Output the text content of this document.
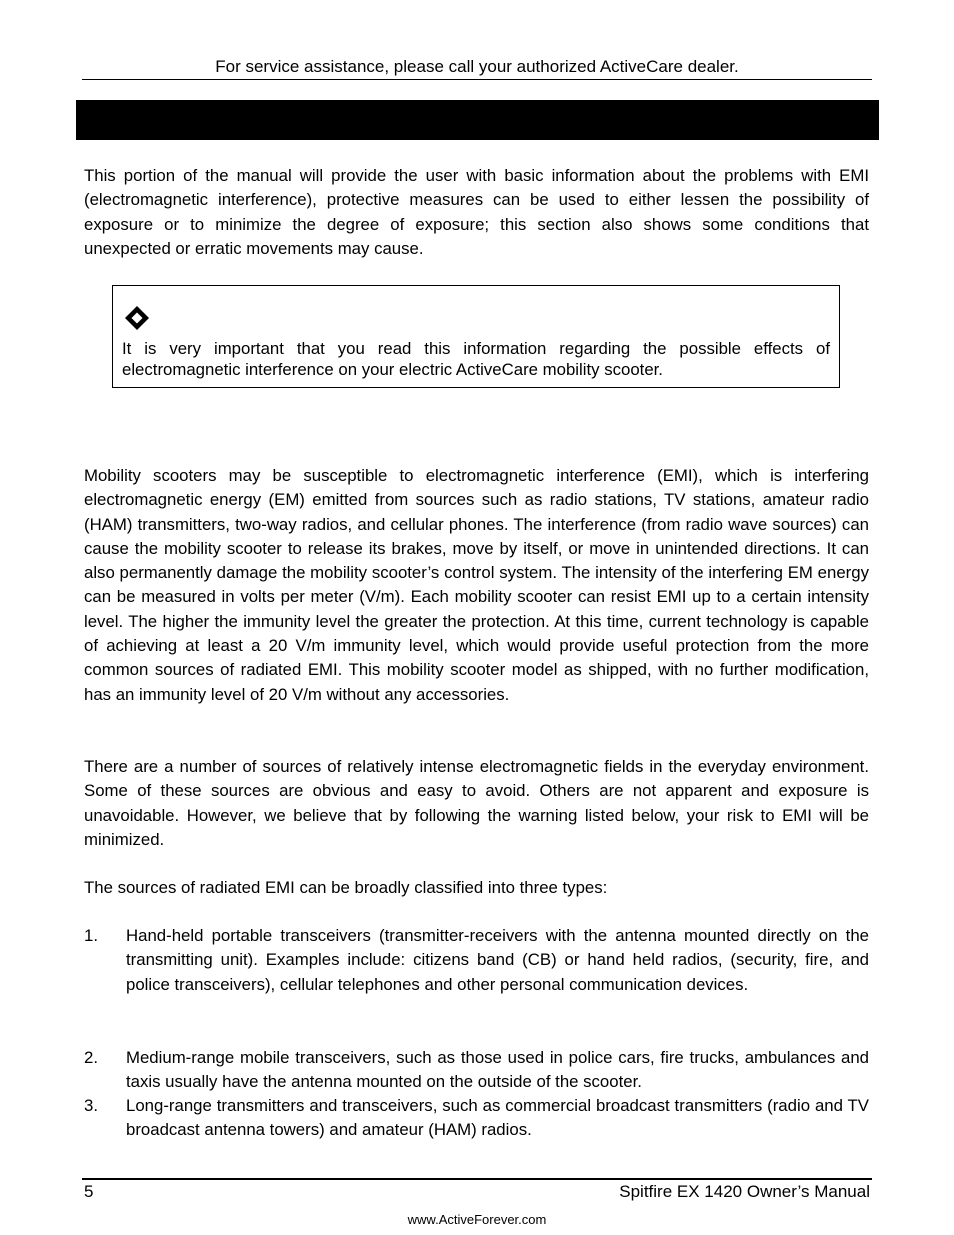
For service assistance, please call your authorized ActiveCare dealer.

This portion of the manual will provide the user with basic information about the problems with EMI (electromagnetic interference), protective measures can be used to either lessen the possibility of exposure or to minimize the degree of exposure; this section also shows some conditions that unexpected or erratic movements may cause.

It is very important that you read this information regarding the possible effects of electromagnetic interference on your electric ActiveCare mobility scooter.

Mobility scooters may be susceptible to electromagnetic interference (EMI), which is interfering electromagnetic energy (EM) emitted from sources such as radio stations, TV stations, amateur radio (HAM) transmitters, two-way radios, and cellular phones. The interference (from radio wave sources) can cause the mobility scooter to release its brakes, move by itself, or move in unintended directions. It can also permanently damage the mobility scooter’s control system. The intensity of the interfering EM energy can be measured in volts per meter (V/m). Each mobility scooter can resist EMI up to a certain intensity level. The higher the immunity level the greater the protection. At this time, current technology is capable of achieving at least a 20 V/m immunity level, which would provide useful protection from the more common sources of radiated EMI. This mobility scooter model as shipped, with no further modification, has an immunity level of 20 V/m without any accessories.

There are a number of sources of relatively intense electromagnetic fields in the everyday environment. Some of these sources are obvious and easy to avoid. Others are not apparent and exposure is unavoidable. However, we believe that by following the warning listed below, your risk to EMI will be minimized.

The sources of radiated EMI can be broadly classified into three types:

1. Hand-held portable transceivers (transmitter-receivers with the antenna mounted directly on the transmitting unit). Examples include: citizens band (CB) or hand held radios, (security, fire, and police transceivers), cellular telephones and other personal communication devices.

2. Medium-range mobile transceivers, such as those used in police cars, fire trucks, ambulances and taxis usually have the antenna mounted on the outside of the scooter.

3. Long-range transmitters and transceivers, such as commercial broadcast transmitters (radio and TV broadcast antenna towers) and amateur (HAM) radios.

5	Spitfire EX 1420 Owner’s Manual
www.ActiveForever.com
